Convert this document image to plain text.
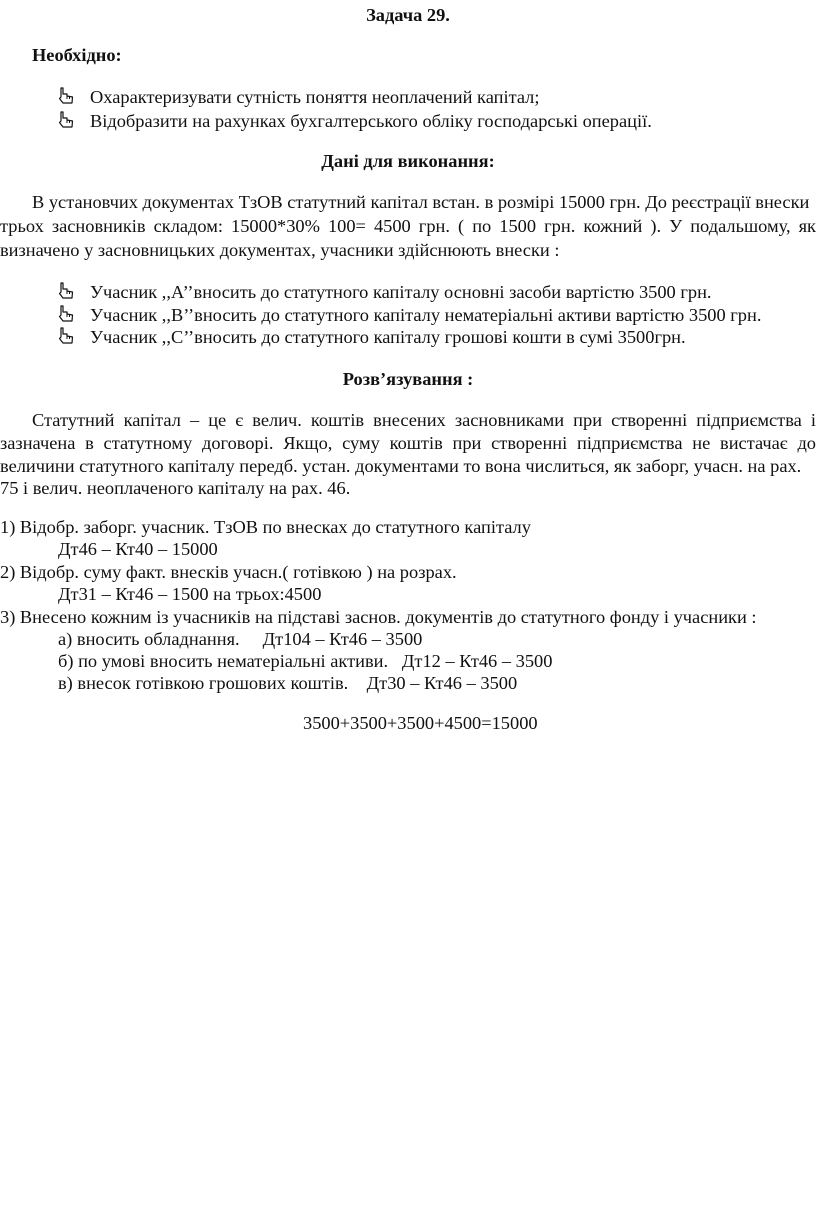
Задача 29.
Необхідно:
Охарактеризувати сутність поняття неоплачений капітал;
Відобразити на рахунках бухгалтерського обліку господарські операції.
Дані для виконання:
В установчих документах ТзОВ статутний капітал встан. в розмірі 15000 грн. До реєстрації внески
трьох засновників складом: 15000*30% 100= 4500 грн. ( по 1500 грн. кожний ). У подальшому, як
визначено у засновницьких документах, учасники здійснюють внески :
Учасник ,,А’’вносить до статутного капіталу основні засоби вартістю 3500 грн.
Учасник ,,В’’вносить до статутного капіталу нематеріальні активи вартістю 3500 грн.
Учасник ,,С’’вносить до статутного капіталу грошові кошти в сумі 3500грн.
Розв’язування :
Статутний капітал – це є велич. коштів внесених засновниками при створенні підприємства і
зазначена в статутному договорі. Якщо, суму коштів при створенні підприємства не вистачає до
величини статутного капіталу передб. устан. документами то вона числиться, як заборг, учасн. на рах.
75 і велич. неоплаченого капіталу на рах. 46.
1) Відобр. заборг. учасник. ТзОВ по внесках до статутного капіталу
Дт46 – Кт40 – 15000
2) Відобр. суму факт. внесків учасн.( готівкою ) на розрах.
Дт31 – Кт46 – 1500 на трьох:4500
3) Внесено кожним із учасників на підставі заснов. документів до статутного фонду і учасники :
а) вносить обладнання.     Дт104 – Кт46 – 3500
б) по умові вносить нематеріальні активи.   Дт12 – Кт46 – 3500
в) внесок готівкою грошових коштів.    Дт30 – Кт46 – 3500
3500+3500+3500+4500=15000
